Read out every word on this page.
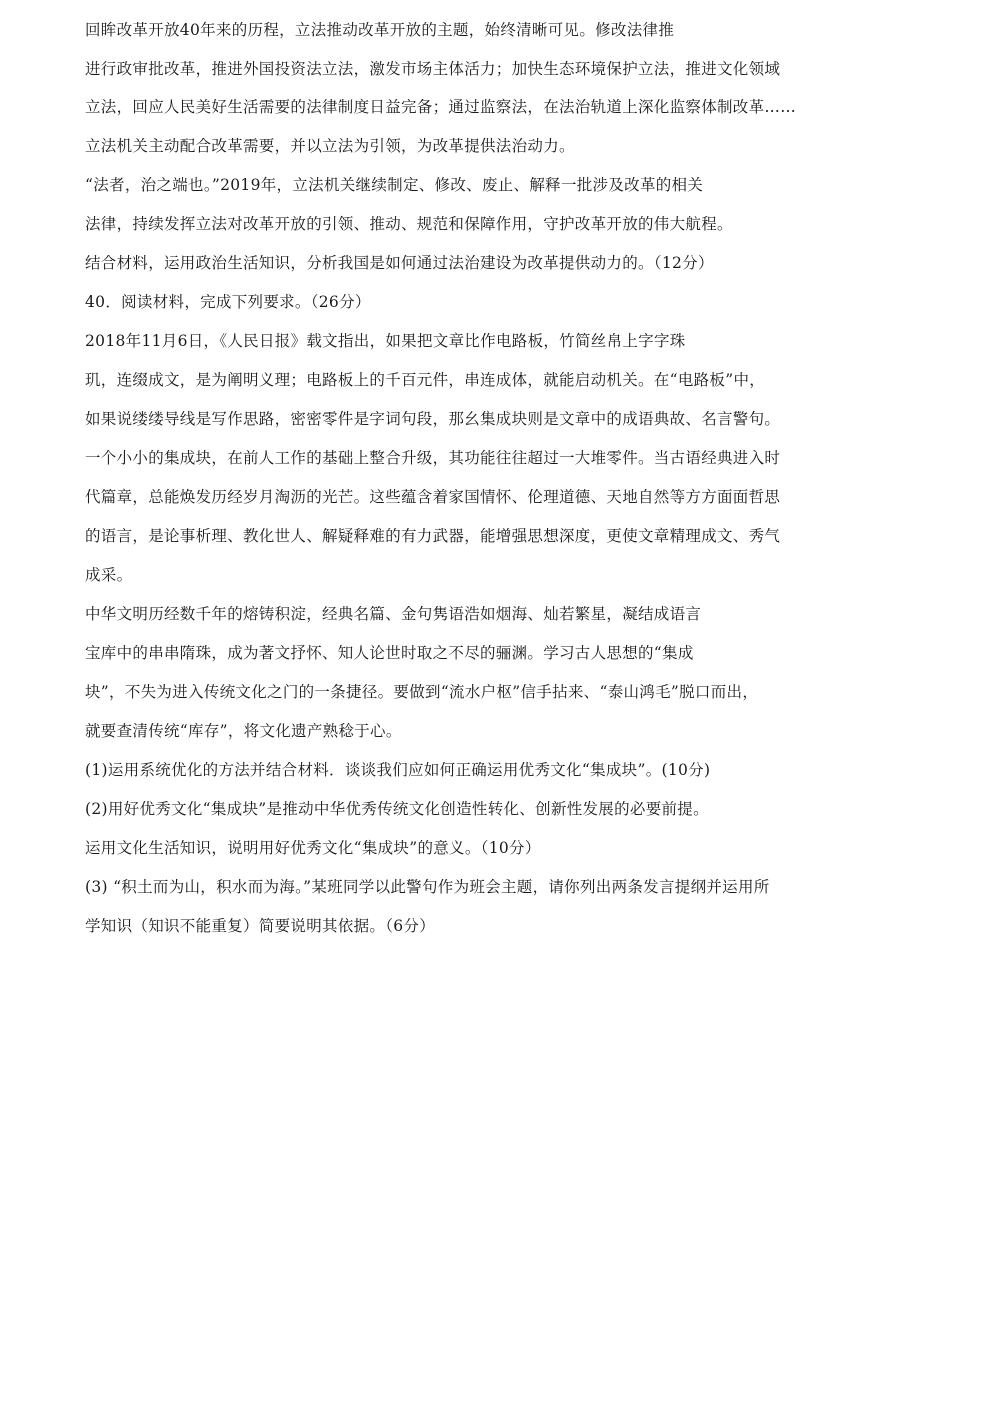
回眸改革开放40年来的历程，立法推动改革开放的主题，始终清晰可见。修改法律推
进行政审批改革，推进外国投资法立法，激发市场主体活力；加快生态环境保护立法，推进文化领域
立法，回应人民美好生活需要的法律制度日益完备；通过监察法，在法治轨道上深化监察体制改革……
立法机关主动配合改革需要，并以立法为引领，为改革提供法治动力。
“法者，治之端也。”2019年，立法机关继续制定、修改、废止、解释一批涉及改革的相关
法律，持续发挥立法对改革开放的引领、推动、规范和保障作用，守护改革开放的伟大航程。
结合材料，运用政治生活知识，分析我国是如何通过法治建设为改革提供动力的。（12分）
40．阅读材料，完成下列要求。（26分）
2018年11月6日，《人民日报》载文指出，如果把文章比作电路板，竹简丝帛上字字珠
玑，连缀成文，是为阐明义理；电路板上的千百元件，串连成体，就能启动机关。在“电路板”中，
如果说缕缕导线是写作思路，密密零件是字词句段，那幺集成块则是文章中的成语典故、名言警句。
一个小小的集成块，在前人工作的基础上整合升级，其功能往往超过一大堆零件。当古语经典进入时
代篇章，总能焕发历经岁月淘沥的光芒。这些蕴含着家国情怀、伦理道德、天地自然等方方面面哲思
的语言，是论事析理、教化世人、解疑释难的有力武器，能增强思想深度，更使文章精理成文、秀气
成采。
中华文明历经数千年的熔铸积淀，经典名篇、金句隽语浩如烟海、灿若繁星，凝结成语言
宝库中的串串隋珠，成为著文抒怀、知人论世时取之不尽的骊渊。学习古人思想的“集成
块”，不失为进入传统文化之门的一条捷径。要做到“流水户枢”信手拈来、“泰山鸿毛”脱口而出，
就要查清传统“库存”，将文化遗产熟稔于心。
(1)运用系统优化的方法并结合材料．谈谈我们应如何正确运用优秀文化“集成块”。(10分)
(2)用好优秀文化“集成块”是推动中华优秀传统文化创造性转化、创新性发展的必要前提。
运用文化生活知识，说明用好优秀文化“集成块”的意义。（10分）
(3) “积土而为山，积水而为海。”某班同学以此警句作为班会主题，请你列出两条发言提纲并运用所
学知识（知识不能重复）简要说明其依据。（6分）
